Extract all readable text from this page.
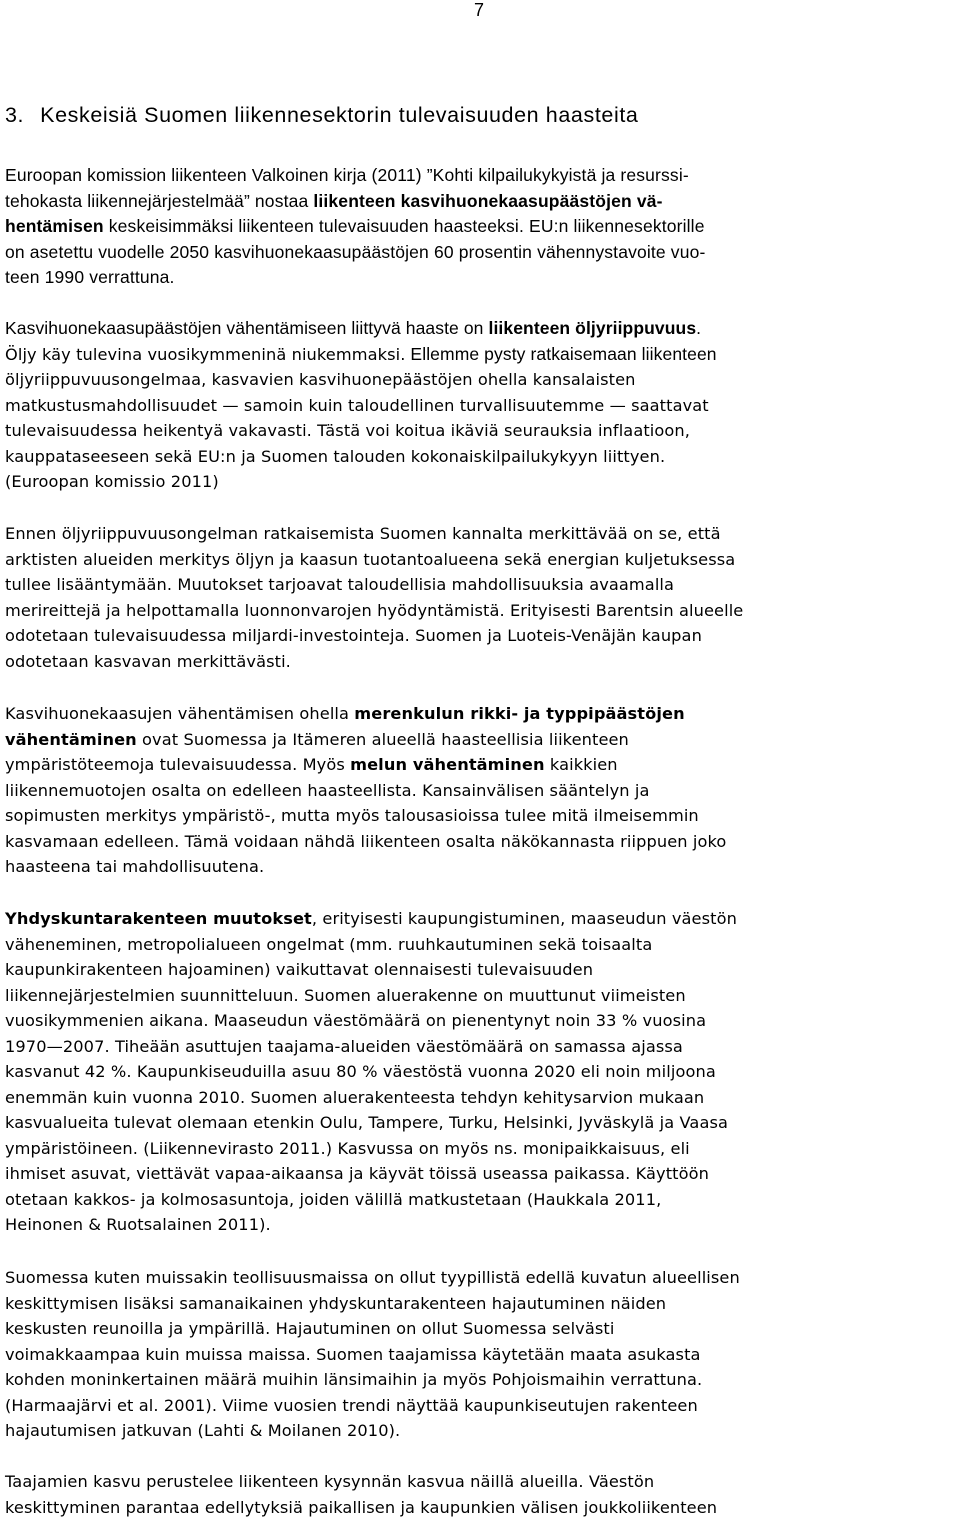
7
3. Keskeisiä Suomen liikennesektorin tulevaisuuden haasteita
Euroopan komission liikenteen Valkoinen kirja (2011) ”Kohti kilpailukykyistä ja resurssi-
tehokasta liikennejärjestelmää” nostaa liikenteen kasvihuonekaasupäästöjen vä-
hentämisen keskeisimmäksi liikenteen tulevaisuuden haasteeksi. EU:n liikennesektorille
on asetettu vuodelle 2050 kasvihuonekaasupäästöjen 60 prosentin vähennystavoite vuo-
teen 1990 verrattuna.
Kasvihuonekaasupäästöjen vähentämiseen liittyvä haaste on liikenteen öljyriippuvuus.
Öljy käy tulevina vuosikymmeninä niukemmaksi. Ellemme pysty ratkaisemaan liikenteen
öljyriippuvuusongelmaa, kasvavien kasvihuonepäästöjen ohella kansalaisten
matkustusmahdollisuudet — samoin kuin taloudellinen turvallisuutemme — saattavat
tulevaisuudessa heikentyä vakavasti. Tästä voi koitua ikäviä seurauksia inflaatioon,
kauppataseeseen sekä EU:n ja Suomen talouden kokonaiskilpailukykyyn liittyen.
(Euroopan komissio 2011)
Ennen öljyriippuvuusongelman ratkaisemista Suomen kannalta merkittävää on se, että
arktisten alueiden merkitys öljyn ja kaasun tuotantoalueena sekä energian kuljetuksessa
tullee lisääntymään. Muutokset tarjoavat taloudellisia mahdollisuuksia avaamalla
merireittejä ja helpottamalla luonnonvarojen hyödyntämistä. Erityisesti Barentsin alueelle
odotetaan tulevaisuudessa miljardi-investointeja. Suomen ja Luoteis-Venäjän kaupan
odotetaan kasvavan merkittävästi.
Kasvihuonekaasujen vähentämisen ohella merenkulun rikki- ja typpipäästöjen
vähentäminen ovat Suomessa ja Itämeren alueellä haasteellisia liikenteen
ympäristöteemoja tulevaisuudessa. Myös melun vähentäminen kaikkien
liikennemuotojen osalta on edelleen haasteellista. Kansainvälisen sääntelyn ja
sopimusten merkitys ympäristö-, mutta myös talousasioissa tulee mitä ilmeisemmin
kasvamaan edelleen. Tämä voidaan nähdä liikenteen osalta näkökannasta riippuen joko
haasteena tai mahdollisuutena.
Yhdyskuntarakenteen muutokset, erityisesti kaupungistuminen, maaseudun väestön
väheneminen, metropolialueen ongelmat (mm. ruuhkautuminen sekä toisaalta
kaupunkirakenteen hajoaminen) vaikuttavat olennaisesti tulevaisuuden
liikennejärjestelmien suunnitteluun. Suomen aluerakenne on muuttunut viimeisten
vuosikymmenien aikana. Maaseudun väestömäärä on pienentynyt noin 33 % vuosina
1970—2007. Tiheään asuttujen taajama-alueiden väestömäärä on samassa ajassa
kasvanut 42 %. Kaupunkiseuduilla asuu 80 % väestöstä vuonna 2020 eli noin miljoona
enemmän kuin vuonna 2010. Suomen aluerakenteesta tehdyn kehitysarvion mukaan
kasvualueita tulevat olemaan etenkin Oulu, Tampere, Turku, Helsinki, Jyväskylä ja Vaasa
ympäristöineen. (Liikennevirasto 2011.) Kasvussa on myös ns. monipaikkaisuus, eli
ihmiset asuvat, viettävät vapaa-aikaansa ja käyvät töissä useassa paikassa. Käyttöön
otetaan kakkos- ja kolmosasuntoja, joiden välillä matkustetaan (Haukkala 2011,
Heinonen & Ruotsalainen 2011).
Suomessa kuten muissakin teollisuusmaissa on ollut tyypillistä edellä kuvatun alueellisen
keskittymisen lisäksi samanaikainen yhdyskuntarakenteen hajautuminen näiden
keskusten reunoilla ja ympärillä. Hajautuminen on ollut Suomessa selvästi
voimakkaampaa kuin muissa maissa. Suomen taajamissa käytetään maata asukasta
kohden moninkertainen määrä muihin länsimaihin ja myös Pohjoismaihin verrattuna.
(Harmaajärvi et al. 2001). Viime vuosien trendi näyttää kaupunkiseutujen rakenteen
hajautumisen jatkuvan (Lahti & Moilanen 2010).
Taajamien kasvu perustelee liikenteen kysynnän kasvua näillä alueilla. Väestön
keskittyminen parantaa edellytyksiä paikallisen ja kaupunkien välisen joukkoliikenteen
